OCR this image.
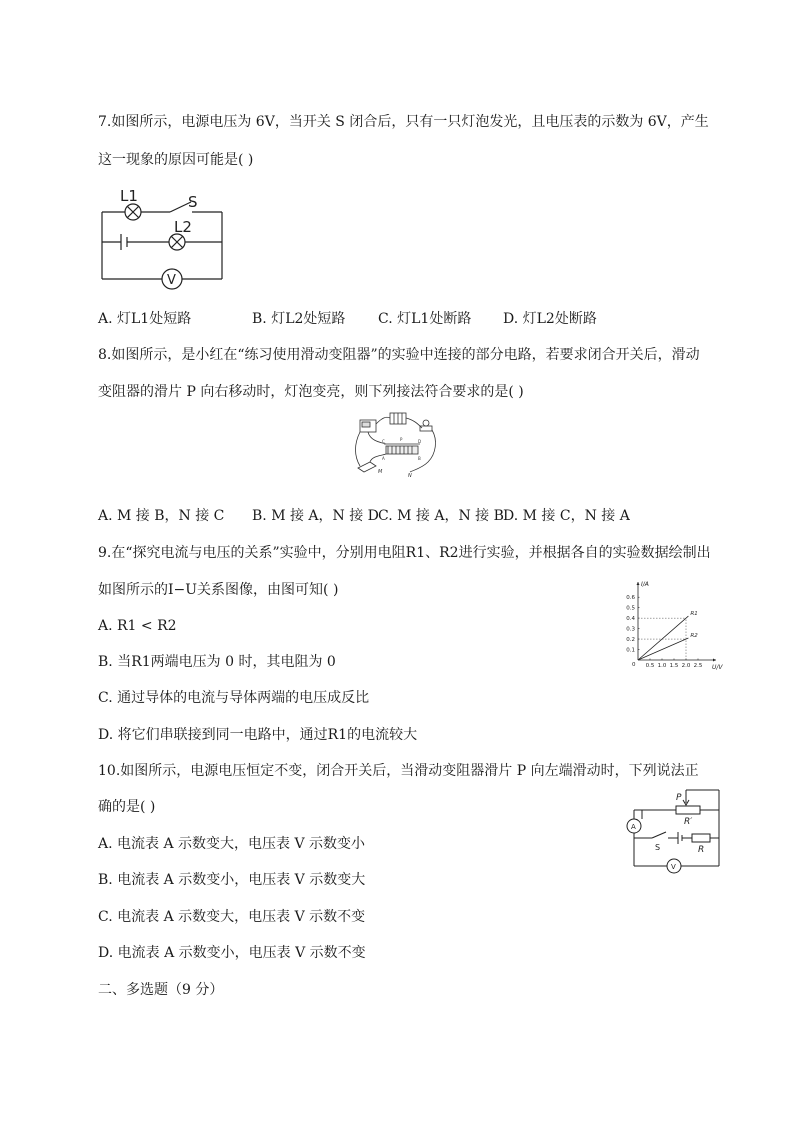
7.如图所示，电源电压为 6V，当开关 S 闭合后，只有一只灯泡发光，且电压表的示数为 6V，产生
这一现象的原因可能是( )
L1	S
L2
V
A. 灯L1处短路	B. 灯L2处短路 C. 灯L1处断路 D. 灯L2处断路
8.如图所示，是小红在“练习使用滑动变阻器”的实验中连接的部分电路，若要求闭合开关后，滑动
变阻器的滑片 P 向右移动时，灯泡变亮，则下列接法符合要求的是( )
M
N
A	B
C	D
P
A. M 接 B，N 接 C B. M 接 A，N 接 D C. M 接 A，N 接 B D. M 接 C，N 接 A
9.在“探究电流与电压的关系”实验中，分别用电阻R1、R2进行实验，并根据各自的实验数据绘制出
如图所示的I−U关系图像，由图可知( )	I/A
U/V
0 0.5 1.0 1.5 2.0 2.5
0.1
0.2
0.3
0.4
0.5
0.6
R1
R2
A. R1 < R2
B. 当R1两端电压为 0 时，其电阻为 0
C. 通过导体的电流与导体两端的电压成反比
D. 将它们串联接到同一电路中，通过R1的电流较大
10.如图所示，电源电压恒定不变，闭合开关后，当滑动变阻器滑片 P 向左端滑动时，下列说法正
确的是( )
P
R′
R
S
A
V
A. 电流表 A 示数变大，电压表 V 示数变小
B. 电流表 A 示数变小，电压表 V 示数变大
C. 电流表 A 示数变大，电压表 V 示数不变
D. 电流表 A 示数变小，电压表 V 示数不变
二、多选题（9 分）
